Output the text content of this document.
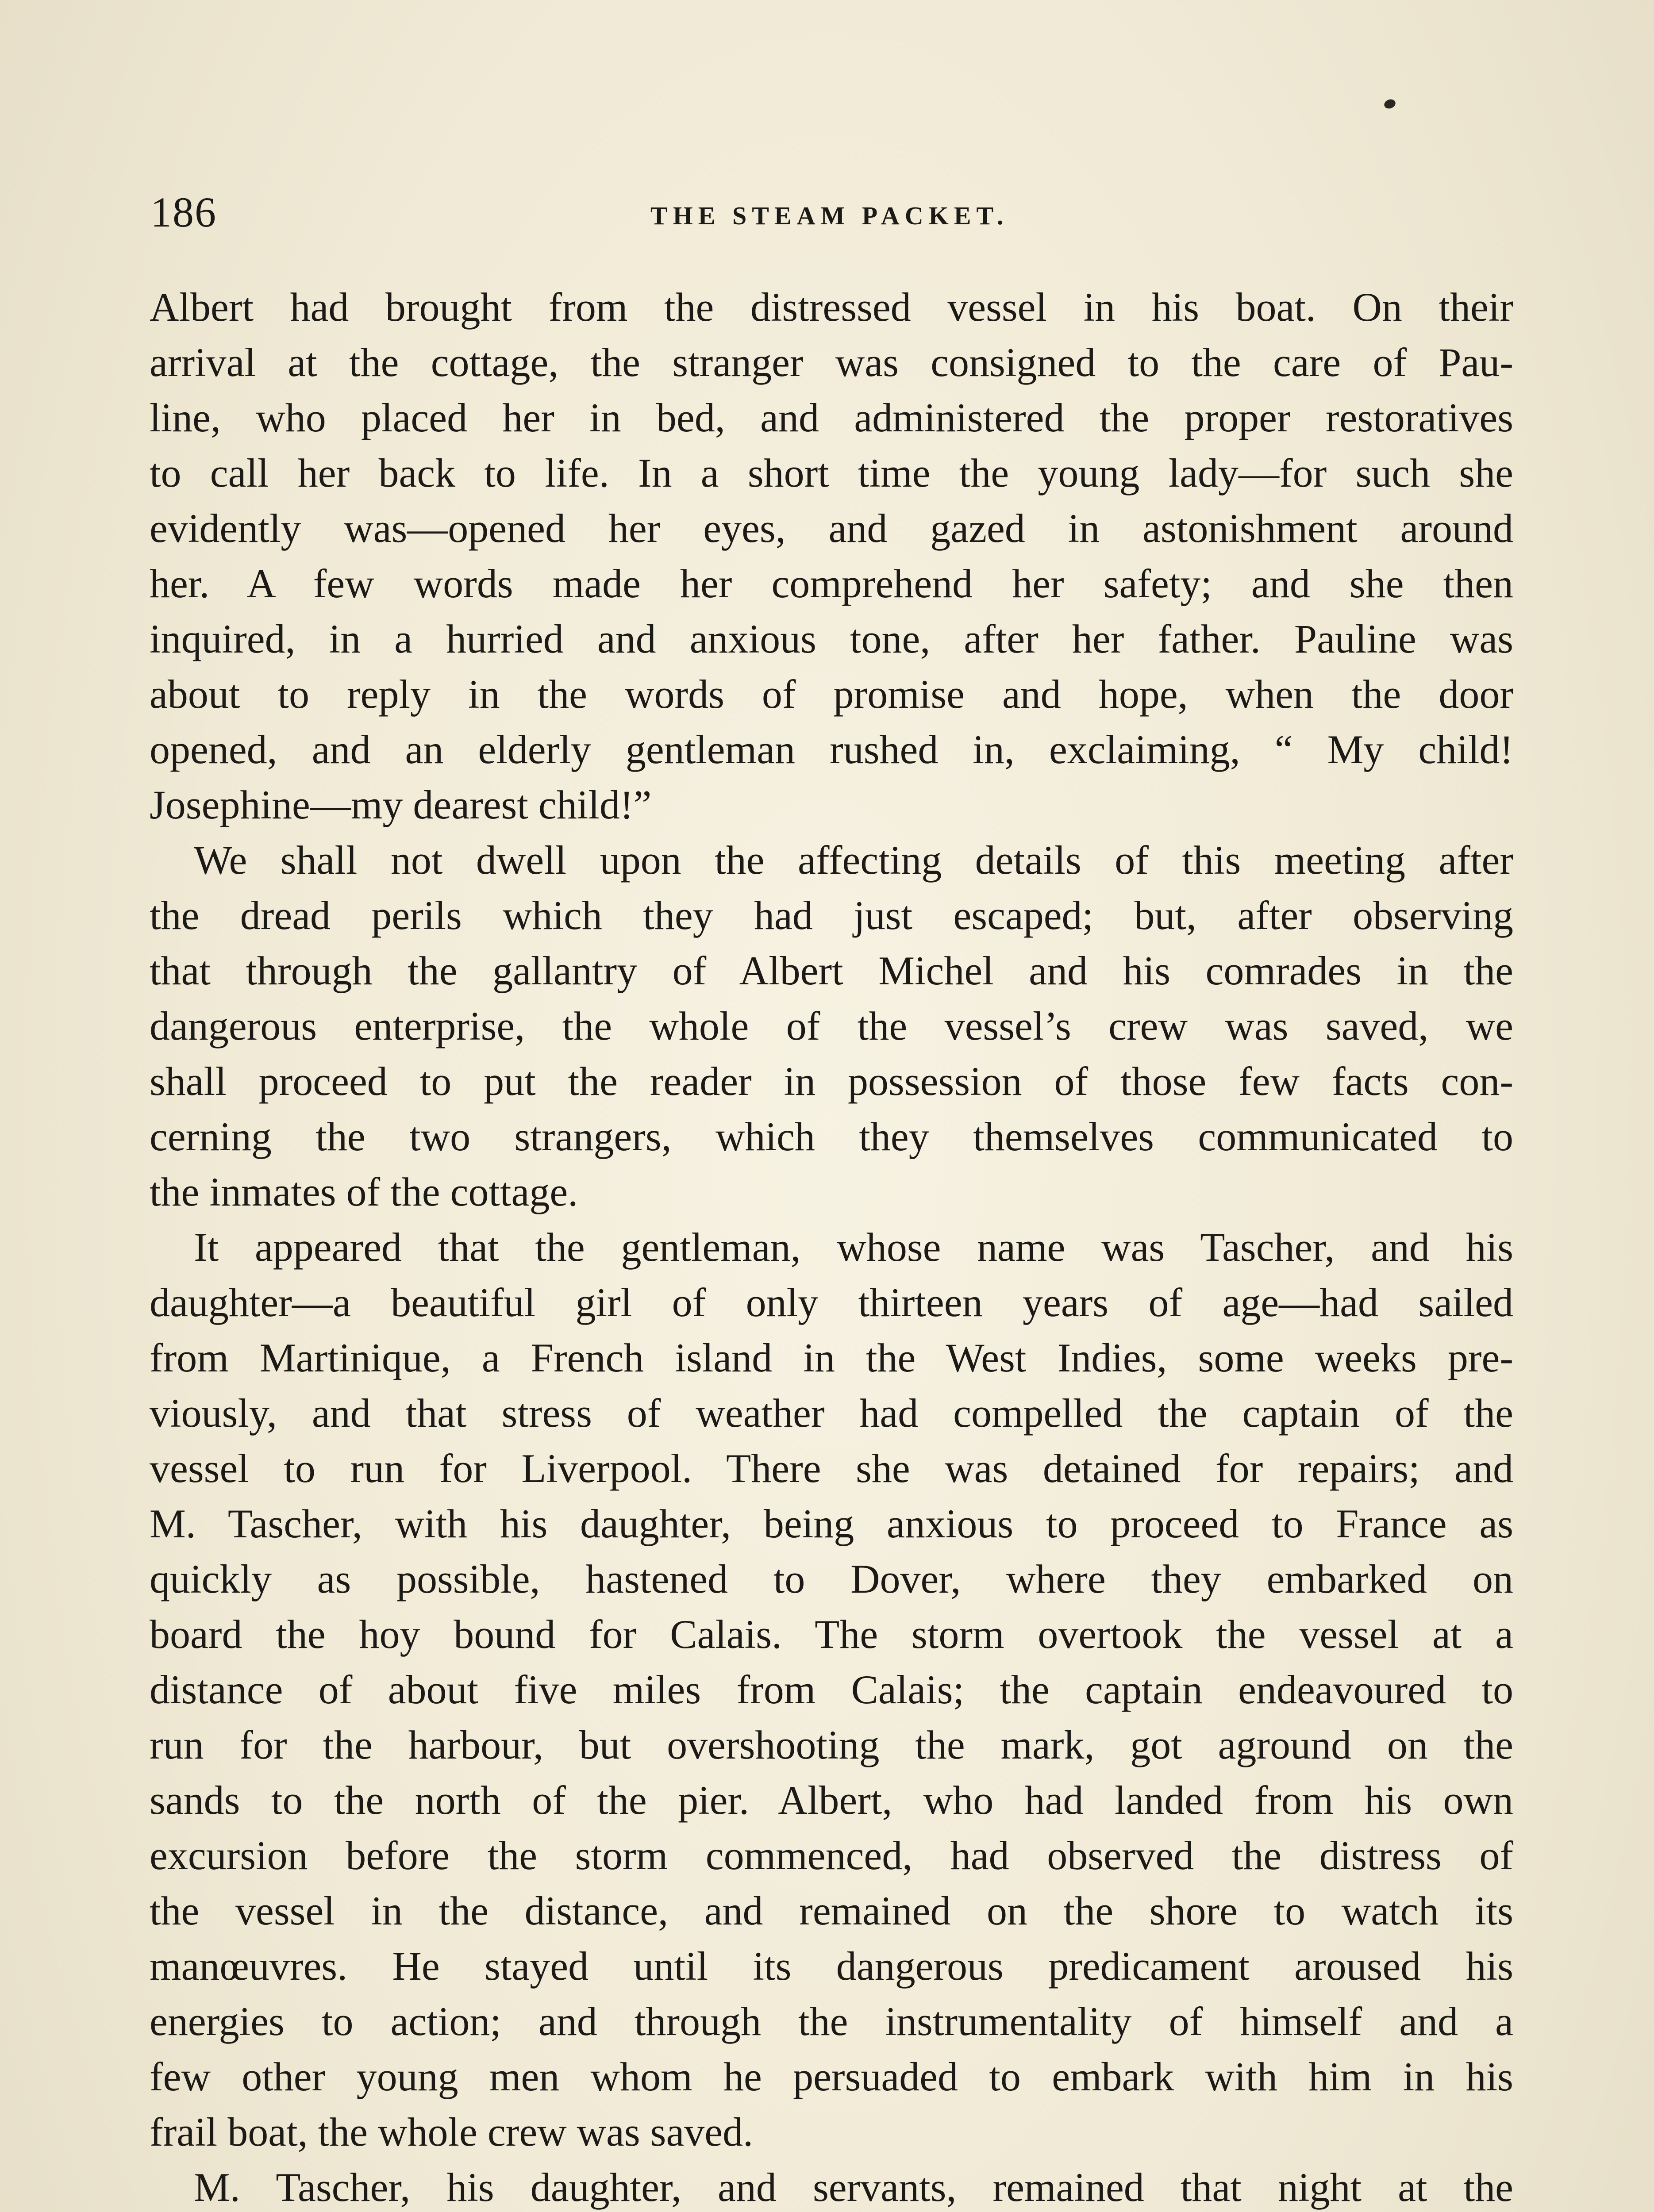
186	THE STEAM PACKET.
Albert had brought from the distressed vessel in his boat. On their
arrival at the cottage, the stranger was consigned to the care of Pau-
line, who placed her in bed, and administered the proper restoratives
to call her back to life. In a short time the young lady—for such she
evidently was—opened her eyes, and gazed in astonishment around
her. A few words made her comprehend her safety; and she then
inquired, in a hurried and anxious tone, after her father. Pauline was
about to reply in the words of promise and hope, when the door
opened, and an elderly gentleman rushed in, exclaiming, “ My child!
Josephine—my dearest child!”
We shall not dwell upon the affecting details of this meeting after
the dread perils which they had just escaped; but, after observing
that through the gallantry of Albert Michel and his comrades in the
dangerous enterprise, the whole of the vessel’s crew was saved, we
shall proceed to put the reader in possession of those few facts con-
cerning the two strangers, which they themselves communicated to
the inmates of the cottage.
It appeared that the gentleman, whose name was Tascher, and his
daughter—a beautiful girl of only thirteen years of age—had sailed
from Martinique, a French island in the West Indies, some weeks pre-
viously, and that stress of weather had compelled the captain of the
vessel to run for Liverpool. There she was detained for repairs; and
M. Tascher, with his daughter, being anxious to proceed to France as
quickly as possible, hastened to Dover, where they embarked on
board the hoy bound for Calais. The storm overtook the vessel at a
distance of about five miles from Calais; the captain endeavoured to
run for the harbour, but overshooting the mark, got aground on the
sands to the north of the pier. Albert, who had landed from his own
excursion before the storm commenced, had observed the distress of
the vessel in the distance, and remained on the shore to watch its
manœuvres. He stayed until its dangerous predicament aroused his
energies to action; and through the instrumentality of himself and a
few other young men whom he persuaded to embark with him in his
frail boat, the whole crew was saved.
M. Tascher, his daughter, and servants, remained that night at the
